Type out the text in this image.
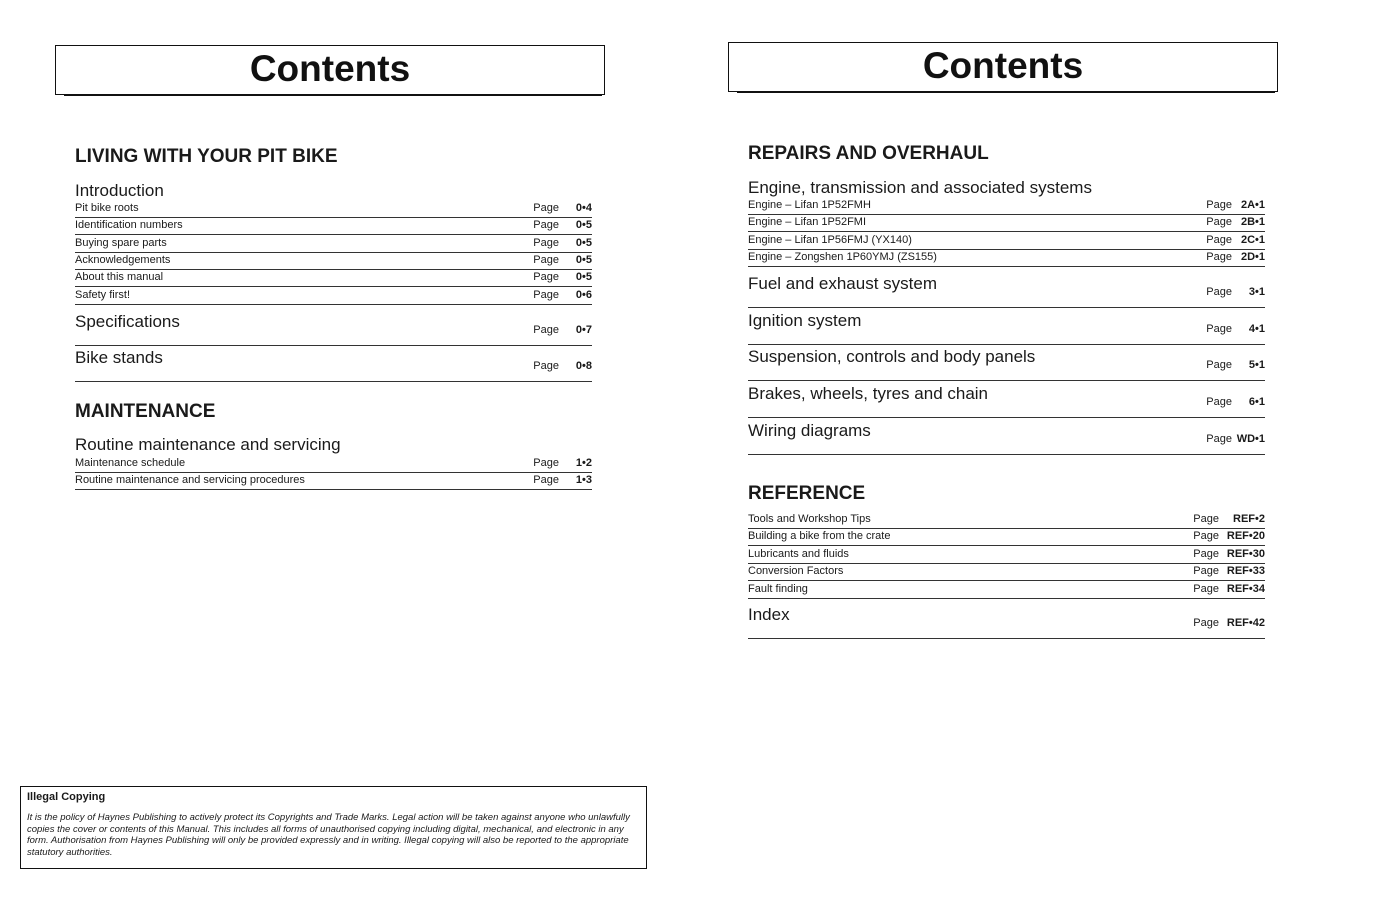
Contents
LIVING WITH YOUR PIT BIKE
Introduction
Pit bike roots	Page 0•4
Identification numbers	Page 0•5
Buying spare parts	Page 0•5
Acknowledgements	Page 0•5
About this manual	Page 0•5
Safety first!	Page 0•6
Specifications	Page 0•7
Bike stands	Page 0•8
MAINTENANCE
Routine maintenance and servicing
Maintenance schedule	Page 1•2
Routine maintenance and servicing procedures	Page 1•3
Illegal Copying
It is the policy of Haynes Publishing to actively protect its Copyrights and Trade Marks. Legal action will be taken against anyone who unlawfully copies the cover or contents of this Manual. This includes all forms of unauthorised copying including digital, mechanical, and electronic in any form. Authorisation from Haynes Publishing will only be provided expressly and in writing. Illegal copying will also be reported to the appropriate statutory authorities.
Contents
REPAIRS AND OVERHAUL
Engine, transmission and associated systems
Engine – Lifan 1P52FMH	Page 2A•1
Engine – Lifan 1P52FMI	Page 2B•1
Engine – Lifan 1P56FMJ (YX140)	Page 2C•1
Engine – Zongshen 1P60YMJ (ZS155)	Page 2D•1
Fuel and exhaust system	Page 3•1
Ignition system	Page 4•1
Suspension, controls and body panels	Page 5•1
Brakes, wheels, tyres and chain	Page 6•1
Wiring diagrams	Page WD•1
REFERENCE
Tools and Workshop Tips	Page REF•2
Building a bike from the crate	Page REF•20
Lubricants and fluids	Page REF•30
Conversion Factors	Page REF•33
Fault finding	Page REF•34
Index	Page REF•42
